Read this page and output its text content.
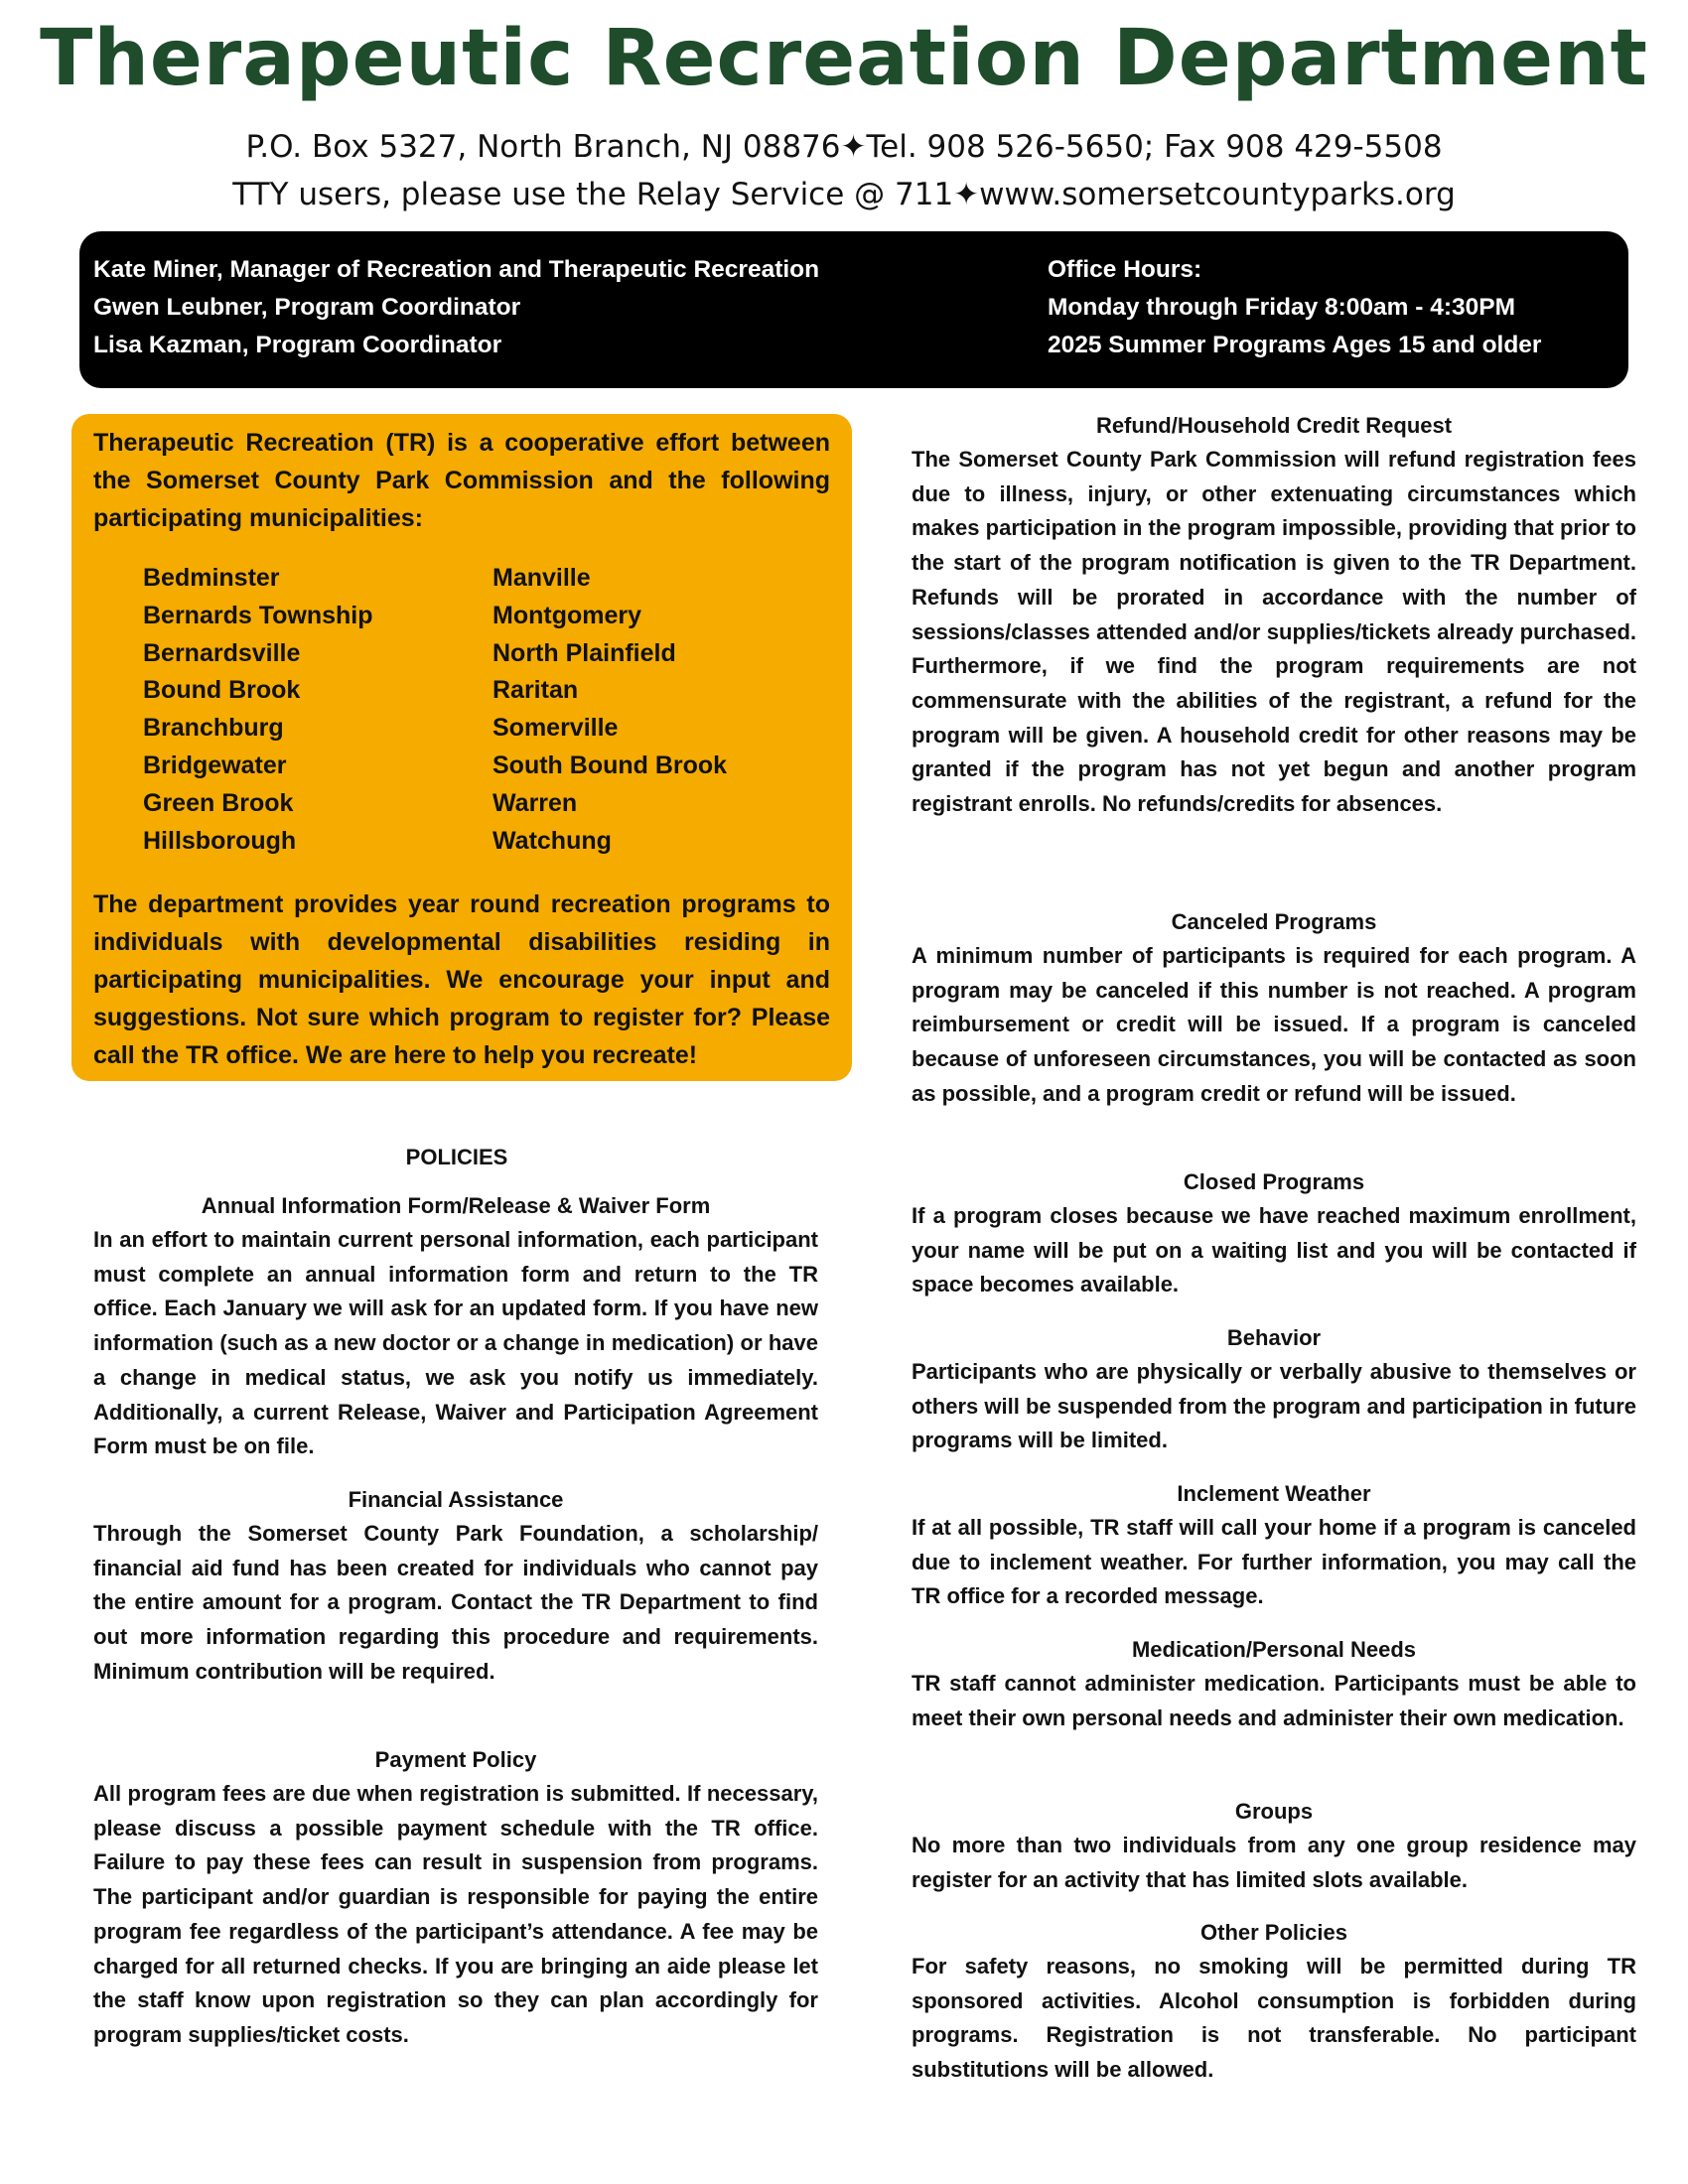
Therapeutic Recreation Department
P.O. Box 5327, North Branch, NJ 08876✦Tel. 908 526-5650; Fax 908 429-5508
TTY users, please use the Relay Service @ 711✦www.somersetcountyparks.org
Kate Miner, Manager of Recreation and Therapeutic Recreation
Gwen Leubner, Program Coordinator
Lisa Kazman, Program Coordinator
Office Hours:
Monday through Friday 8:00am - 4:30PM
2025 Summer Programs Ages 15 and older
Therapeutic Recreation (TR) is a cooperative effort between the Somerset County Park Commission and the following participating municipalities:
Bedminster
Bernards Township
Bernardsville
Bound Brook
Branchburg
Bridgewater
Green Brook
Hillsborough
Manville
Montgomery
North Plainfield
Raritan
Somerville
South Bound Brook
Warren
Watchung
The department provides year round recreation programs to individuals with developmental disabilities residing in participating municipalities. We encourage your input and suggestions. Not sure which program to register for? Please call the TR office. We are here to help you recreate!
POLICIES
Annual Information Form/Release & Waiver Form
In an effort to maintain current personal information, each participant must complete an annual information form and return to the TR office. Each January we will ask for an updated form. If you have new information (such as a new doctor or a change in medication) or have a change in medical status, we ask you notify us immediately. Additionally, a current Release, Waiver and Participation Agreement Form must be on file.
Financial Assistance
Through the Somerset County Park Foundation, a scholarship/ financial aid fund has been created for individuals who cannot pay the entire amount for a program. Contact the TR Department to find out more information regarding this procedure and requirements. Minimum contribution will be required.
Payment Policy
All program fees are due when registration is submitted. If necessary, please discuss a possible payment schedule with the TR office. Failure to pay these fees can result in suspension from programs. The participant and/or guardian is responsible for paying the entire program fee regardless of the participant’s attendance. A fee may be charged for all returned checks. If you are bringing an aide please let the staff know upon registration so they can plan accordingly for program supplies/ticket costs.
Refund/Household Credit Request
The Somerset County Park Commission will refund registration fees due to illness, injury, or other extenuating circumstances which makes participation in the program impossible, providing that prior to the start of the program notification is given to the TR Department. Refunds will be prorated in accordance with the number of sessions/classes attended and/or supplies/tickets already purchased. Furthermore, if we find the program requirements are not commensurate with the abilities of the registrant, a refund for the program will be given. A household credit for other reasons may be granted if the program has not yet begun and another program registrant enrolls. No refunds/credits for absences.
Canceled Programs
A minimum number of participants is required for each program. A program may be canceled if this number is not reached. A program reimbursement or credit will be issued. If a program is canceled because of unforeseen circumstances, you will be contacted as soon as possible, and a program credit or refund will be issued.
Closed Programs
If a program closes because we have reached maximum enrollment, your name will be put on a waiting list and you will be contacted if space becomes available.
Behavior
Participants who are physically or verbally abusive to themselves or others will be suspended from the program and participation in future programs will be limited.
Inclement Weather
If at all possible, TR staff will call your home if a program is canceled due to inclement weather. For further information, you may call the TR office for a recorded message.
Medication/Personal Needs
TR staff cannot administer medication. Participants must be able to meet their own personal needs and administer their own medication.
Groups
No more than two individuals from any one group residence may register for an activity that has limited slots available.
Other Policies
For safety reasons, no smoking will be permitted during TR sponsored activities. Alcohol consumption is forbidden during programs. Registration is not transferable. No participant substitutions will be allowed.
